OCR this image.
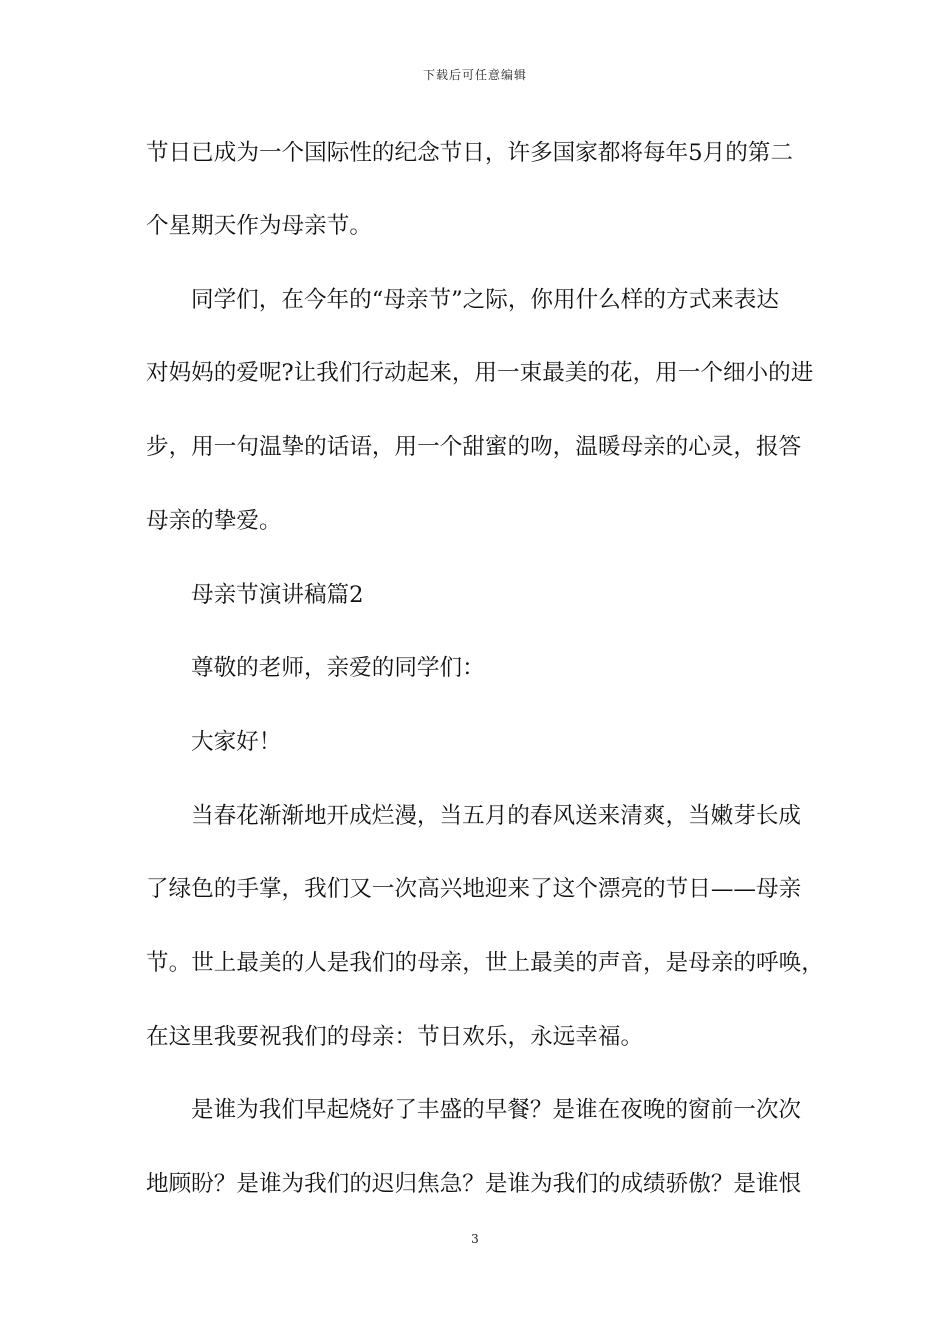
下载后可任意编辑
节日已成为一个国际性的纪念节日，许多国家都将每年5月的第二
个星期天作为母亲节。
同学们，在今年的“母亲节”之际，你用什么样的方式来表达
对妈妈的爱呢?让我们行动起来，用一束最美的花，用一个细小的进
步，用一句温挚的话语，用一个甜蜜的吻，温暖母亲的心灵，报答
母亲的挚爱。
母亲节演讲稿篇2
尊敬的老师，亲爱的同学们：
大家好！
当春花渐渐地开成烂漫，当五月的春风送来清爽，当嫩芽长成
了绿色的手掌，我们又一次高兴地迎来了这个漂亮的节日——母亲
节。世上最美的人是我们的母亲，世上最美的声音，是母亲的呼唤，
在这里我要祝我们的母亲：节日欢乐，永远幸福。
是谁为我们早起烧好了丰盛的早餐？是谁在夜晚的窗前一次次
地顾盼？是谁为我们的迟归焦急？是谁为我们的成绩骄傲？是谁恨
3
